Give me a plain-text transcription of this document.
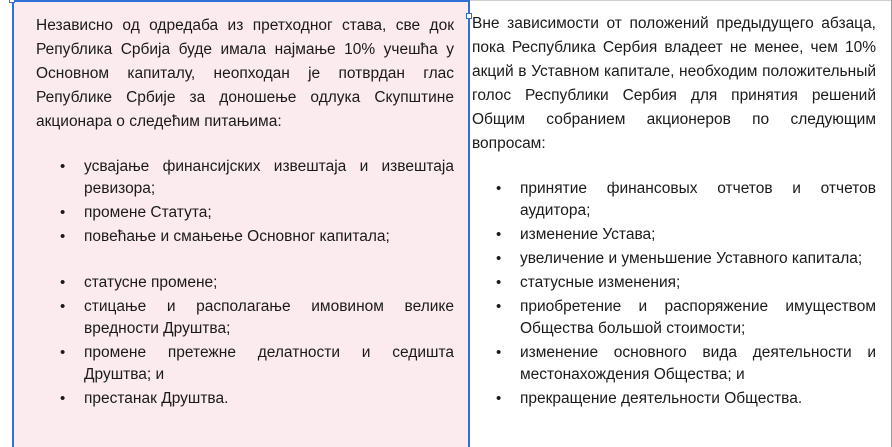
Независно од одредаба из претходног става, све док Република Србија буде имала најмање 10% учешћа у Основном капиталу, неопходан је потврдан глас Републике Србије за доношење одлука Скупштине акционара о следећим питањима:

• усвајање финансијских извештаја и извештаја ревизора;
• промене Статута;
• повећање и смањење Основног капитала;
• статусне промене;
• стицање и располагање имовином велике вредности Друштва;
• промене претежне делатности и седишта Друштва; и
• престанак Друштва.

Вне зависимости от положений предыдущего абзаца, пока Республика Сербия владеет не менее, чем 10% акций в Уставном капитале, необходим положительный голос Республики Сербия для принятия решений Общим собранием акционеров по следующим вопросам:

• принятие финансовых отчетов и отчетов аудитора;
• изменение Устава;
• увеличение и уменьшение Уставного капитала;
• статусные изменения;
• приобретение и распоряжение имуществом Общества большой стоимости;
• изменение основного вида деятельности и местонахождения Общества; и
• прекращение деятельности Общества.
